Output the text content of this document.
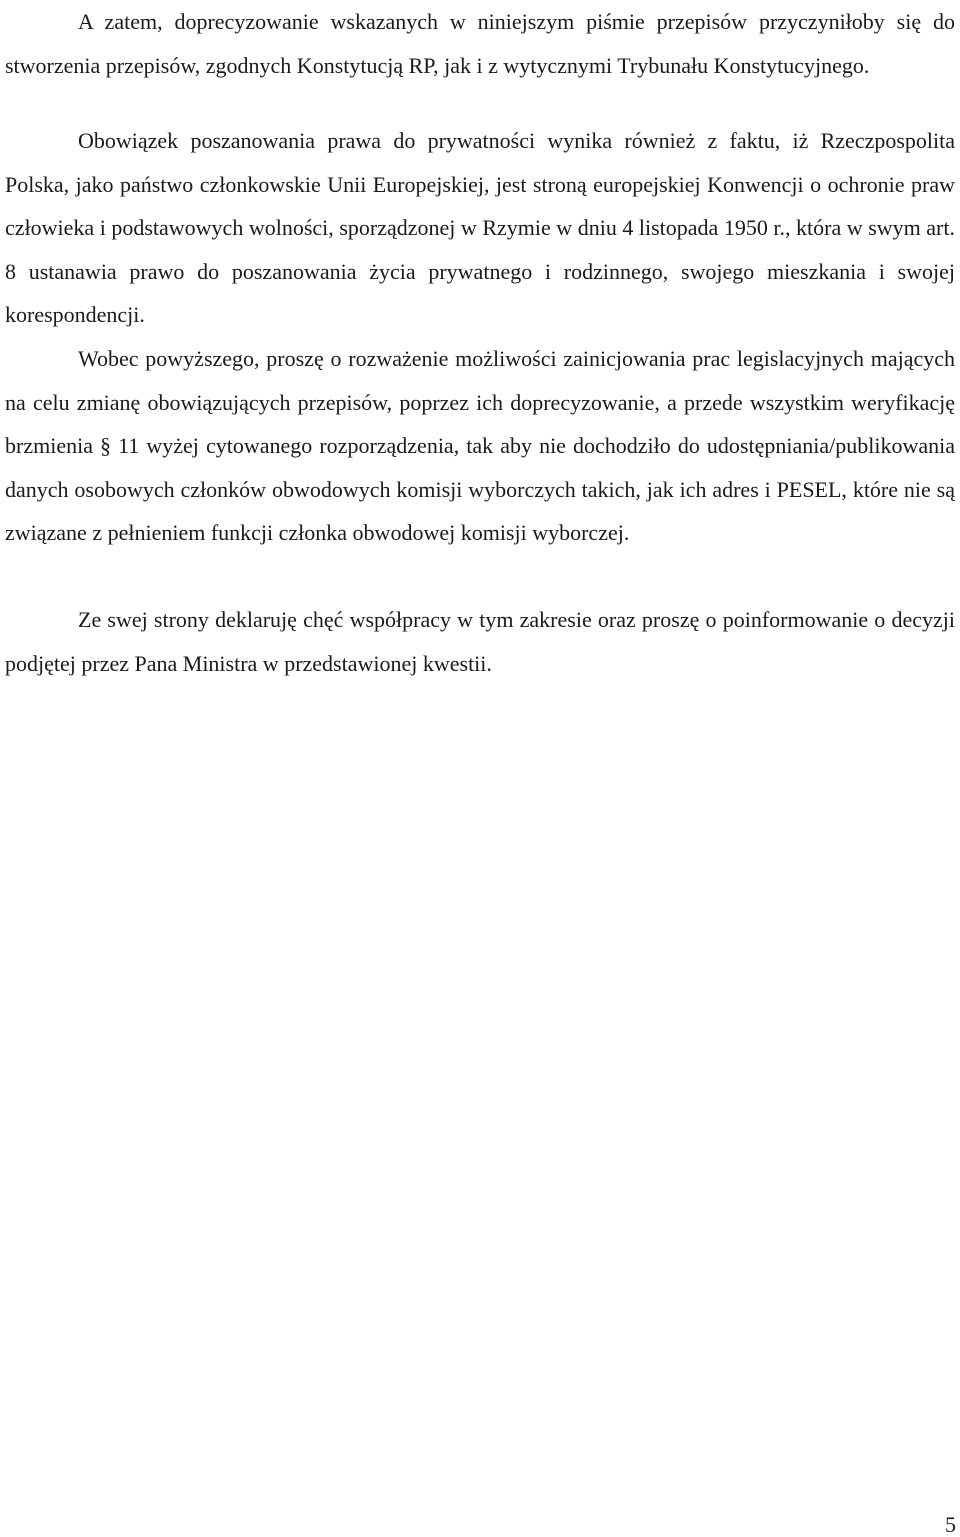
A zatem, doprecyzowanie wskazanych w niniejszym piśmie przepisów przyczyniłoby się do stworzenia przepisów, zgodnych Konstytucją RP, jak i z wytycznymi Trybunału Konstytucyjnego.

Obowiązek poszanowania prawa do prywatności wynika również z faktu, iż Rzeczpospolita Polska, jako państwo członkowskie Unii Europejskiej, jest stroną europejskiej Konwencji o ochronie praw człowieka i podstawowych wolności, sporządzonej w Rzymie w dniu 4 listopada 1950 r., która w swym art. 8 ustanawia prawo do poszanowania życia prywatnego i rodzinnego, swojego mieszkania i swojej korespondencji.

Wobec powyższego, proszę o rozważenie możliwości zainicjowania prac legislacyjnych mających na celu zmianę obowiązujących przepisów, poprzez ich doprecyzowanie, a przede wszystkim weryfikację brzmienia § 11 wyżej cytowanego rozporządzenia, tak aby nie dochodziło do udostępniania/publikowania danych osobowych członków obwodowych komisji wyborczych takich, jak ich adres i PESEL, które nie są związane z pełnieniem funkcji członka obwodowej komisji wyborczej.

Ze swej strony deklaruję chęć współpracy w tym zakresie oraz proszę o poinformowanie o decyzji podjętej przez Pana Ministra w przedstawionej kwestii.

5
